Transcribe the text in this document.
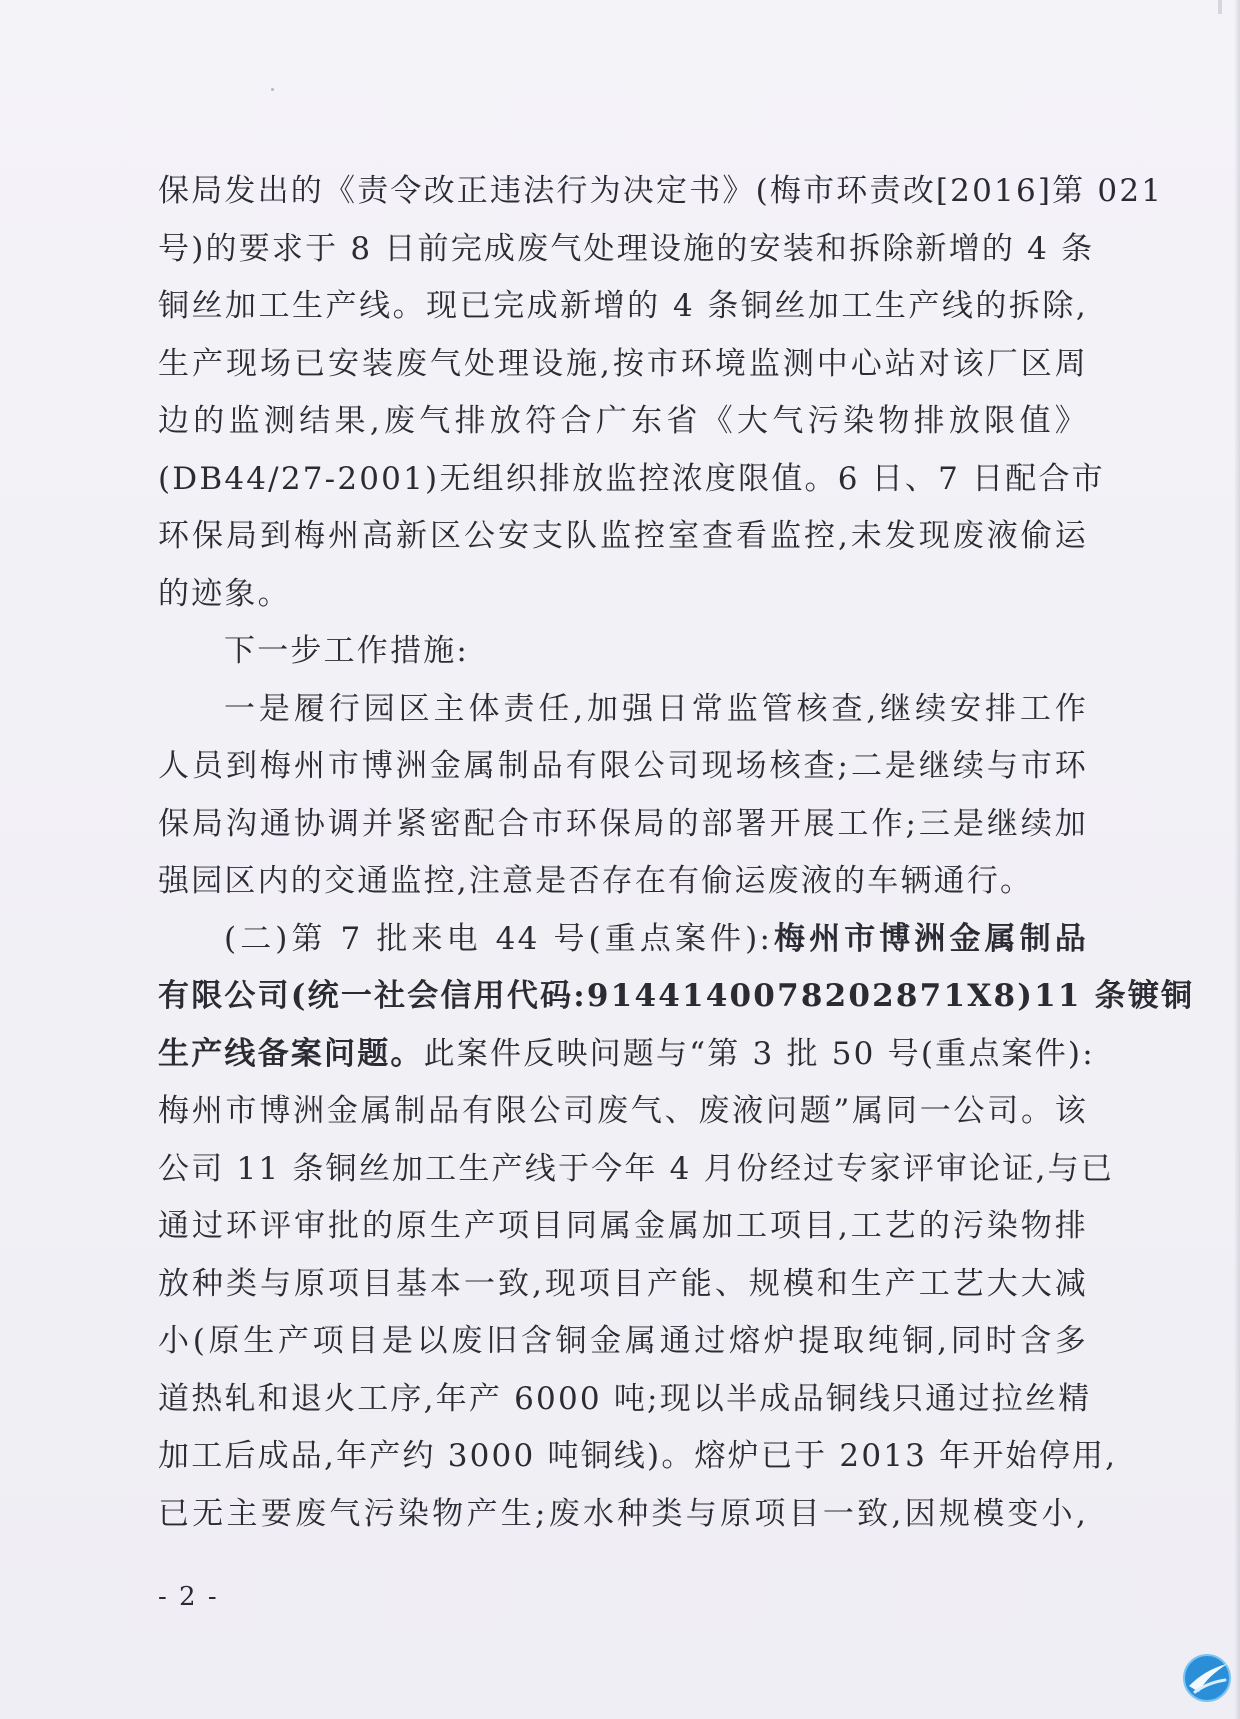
保局发出的《责令改正违法行为决定书》(梅市环责改[2016]第 021
号)的要求于 8 日前完成废气处理设施的安装和拆除新增的 4 条
铜丝加工生产线。现已完成新增的 4 条铜丝加工生产线的拆除,
生产现场已安装废气处理设施,按市环境监测中心站对该厂区周
边的监测结果,废气排放符合广东省《大气污染物排放限值》
(DB44/27-2001)无组织排放监控浓度限值。6 日、7 日配合市
环保局到梅州高新区公安支队监控室查看监控,未发现废液偷运
的迹象。
下一步工作措施:
一是履行园区主体责任,加强日常监管核查,继续安排工作
人员到梅州市博洲金属制品有限公司现场核查;二是继续与市环
保局沟通协调并紧密配合市环保局的部署开展工作;三是继续加
强园区内的交通监控,注意是否存在有偷运废液的车辆通行。
(二)第 7 批来电 44 号(重点案件):梅州市博洲金属制品
有限公司(统一社会信用代码:9144140078202871X8)11 条镀铜
生产线备案问题。此案件反映问题与“第 3 批 50 号(重点案件):
梅州市博洲金属制品有限公司废气、废液问题”属同一公司。该
公司 11 条铜丝加工生产线于今年 4 月份经过专家评审论证,与已
通过环评审批的原生产项目同属金属加工项目,工艺的污染物排
放种类与原项目基本一致,现项目产能、规模和生产工艺大大减
小(原生产项目是以废旧含铜金属通过熔炉提取纯铜,同时含多
道热轧和退火工序,年产 6000 吨;现以半成品铜线只通过拉丝精
加工后成品,年产约 3000 吨铜线)。熔炉已于 2013 年开始停用,
已无主要废气污染物产生;废水种类与原项目一致,因规模变小,
- 2 -
